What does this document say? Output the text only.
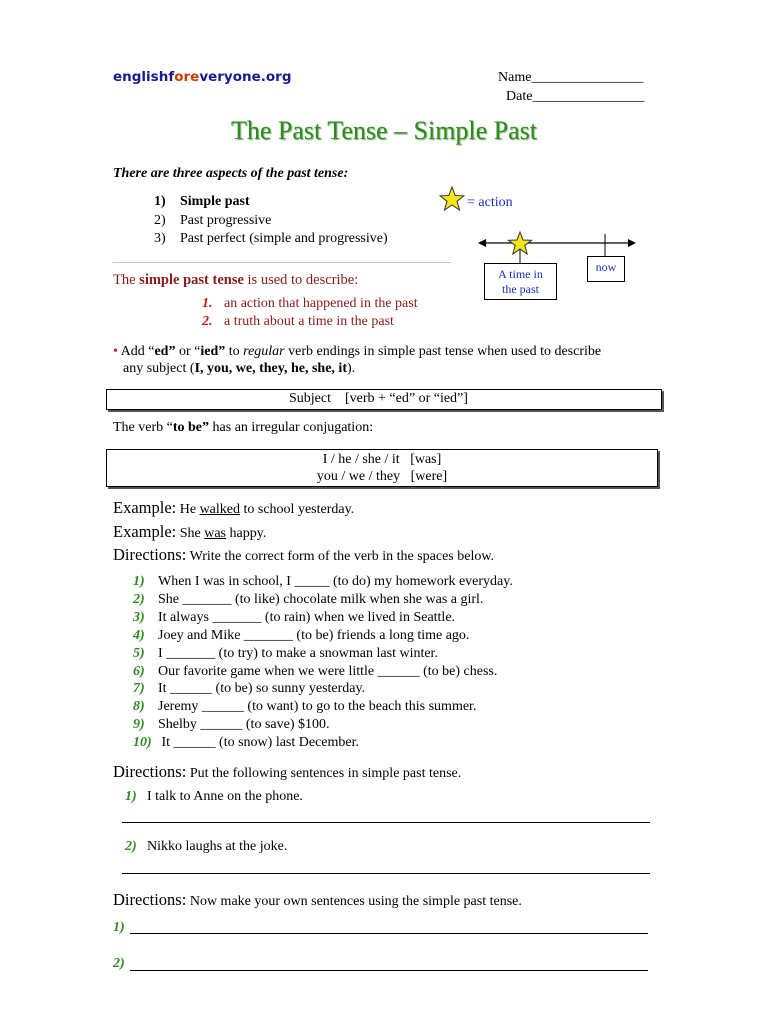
englishforeveryone.org	Name________________
Date________________
The Past Tense – Simple Past
There are three aspects of the past tense:
1) Simple past
2) Past progressive
3) Past perfect (simple and progressive)
= action
A time in
the past
now
The simple past tense is used to describe:
1. an action that happened in the past
2. a truth about a time in the past
• Add “ed” or “ied” to regular verb endings in simple past tense when used to describe
any subject (I, you, we, they, he, she, it).
Subject    [verb + “ed” or “ied”]
The verb “to be” has an irregular conjugation:
I / he / she / it   [was]
you / we / they   [were]
Example: He walked to school yesterday.
Example: She was happy.
Directions: Write the correct form of the verb in the spaces below.
1) When I was in school, I _____ (to do) my homework everyday.
2) She _______ (to like) chocolate milk when she was a girl.
3) It always _______ (to rain) when we lived in Seattle.
4) Joey and Mike _______ (to be) friends a long time ago.
5) I _______ (to try) to make a snowman last winter.
6) Our favorite game when we were little ______ (to be) chess.
7) It ______ (to be) so sunny yesterday.
8) Jeremy ______ (to want) to go to the beach this summer.
9) Shelby ______ (to save) $100.
10) It ______ (to snow) last December.
Directions: Put the following sentences in simple past tense.
1) I talk to Anne on the phone.
2) Nikko laughs at the joke.
Directions: Now make your own sentences using the simple past tense.
1)
2)
